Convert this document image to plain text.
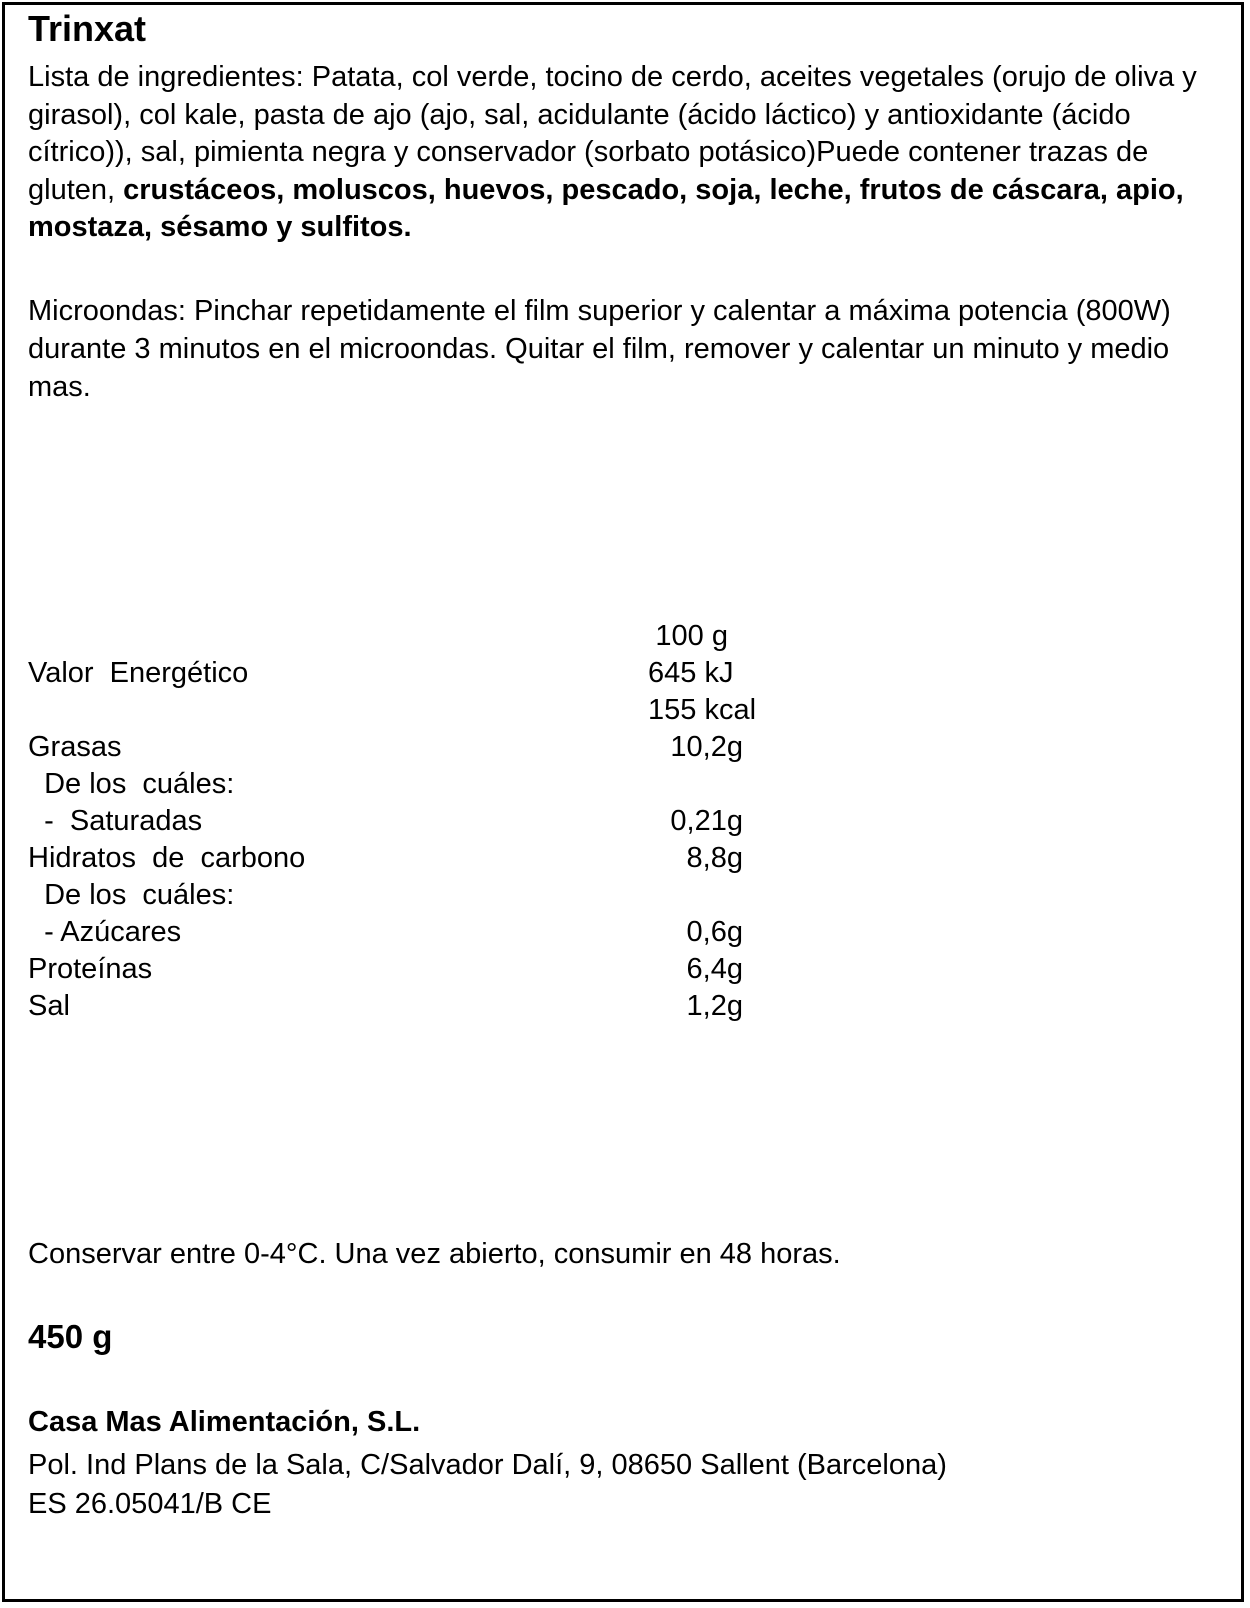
Trinxat
Lista de ingredientes: Patata, col verde, tocino de cerdo, aceites vegetales (orujo de oliva y girasol), col kale, pasta de ajo (ajo, sal, acidulante (ácido láctico) y antioxidante (ácido cítrico)), sal, pimienta negra y conservador (sorbato potásico)Puede contener trazas de gluten, crustáceos, moluscos, huevos, pescado, soja, leche, frutos de cáscara, apio, mostaza, sésamo y sulfitos.
Microondas: Pinchar repetidamente el film superior y calentar a máxima potencia (800W) durante 3 minutos en el microondas. Quitar el film, remover y calentar un minuto y medio mas.
100 g
Valor  Energético	645 kJ
155 kcal
Grasas	10,2g
De los  cuáles:
-  Saturadas	0,21g
Hidratos  de  carbono	8,8g
De los  cuáles:
- Azúcares	0,6g
Proteínas	6,4g
Sal	1,2g
Conservar entre 0-4°C. Una vez abierto, consumir en 48 horas.
450 g
Casa Mas Alimentación, S.L.
Pol. Ind Plans de la Sala, C/Salvador Dalí, 9, 08650 Sallent (Barcelona)
ES 26.05041/B CE
